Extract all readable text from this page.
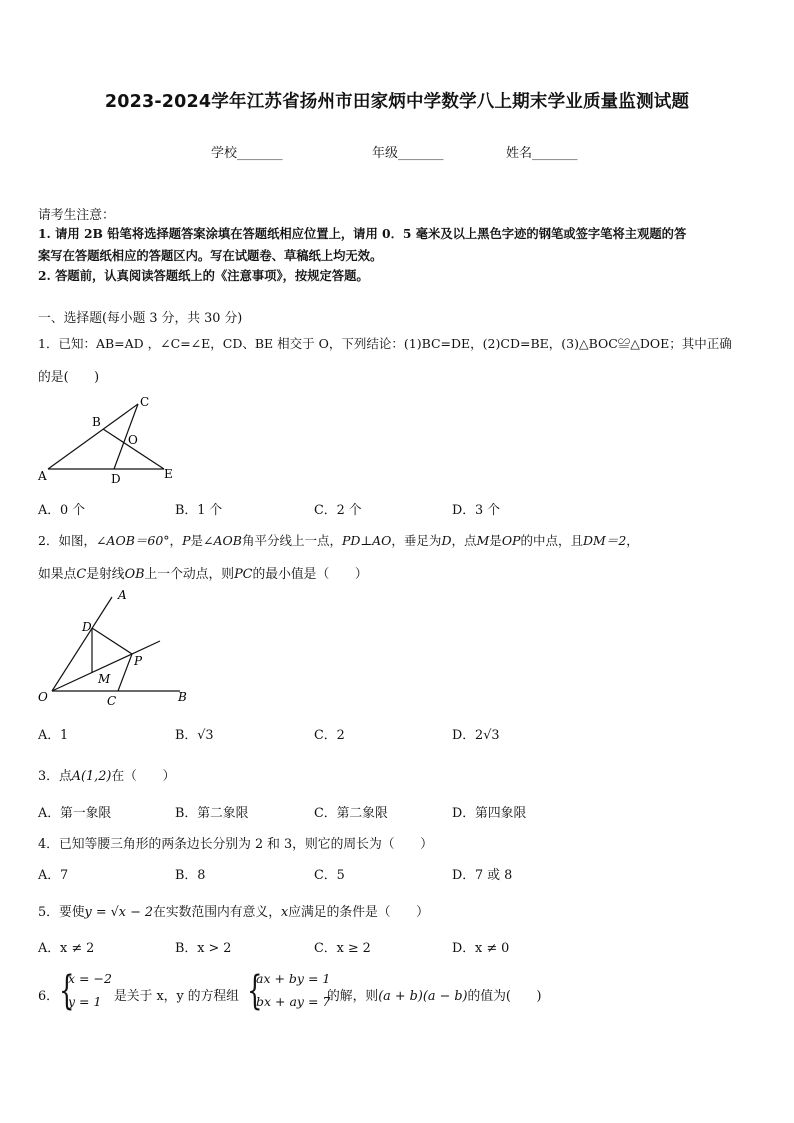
2023-2024学年江苏省扬州市田家炳中学数学八上期末学业质量监测试题
学校_______	年级_______	姓名_______
请考生注意：
1. 请用 2B 铅笔将选择题答案涂填在答题纸相应位置上，请用 0．5 毫米及以上黑色字迹的钢笔或签字笔将主观题的答
案写在答题纸相应的答题区内。写在试题卷、草稿纸上均无效。
2. 答题前，认真阅读答题纸上的《注意事项》，按规定答题。
一、选择题(每小题 3 分，共 30 分)
1．已知：AB=AD ，∠C=∠E，CD、BE 相交于 O，下列结论：(1)BC=DE，(2)CD=BE，(3)△BOC≌△DOE；其中正确
的是(　　)
A
B
C
O
D	E
A．0 个	B．1 个	C．2 个	D．3 个
2．如图，∠AOB＝60°，P是∠AOB角平分线上一点，PD⊥AO，垂足为D，点M是OP的中点，且DM＝2，
如果点C是射线OB上一个动点，则PC的最小值是（　　）
A
D
P
M
O	C	B
A．1	B．√3	C．2	D．2√3
3．点A(1,2)在（　　）
A．第一象限	B．第二象限	C．第二象限	D．第四象限
4．已知等腰三角形的两条边长分别为 2 和 3，则它的周长为（　　）
A．7	B．8	C．5	D．7 或 8
5．要使y = √x − 2在实数范围内有意义，x应满足的条件是（　　）
A．x ≠ 2	B．x > 2	C．x ≥ 2	D．x ≠ 0
6． {
x = −2
y = 1 是关于 x，y 的方程组 {
ax + by = 1
bx + ay = 7
的解，则(a + b)(a − b)的值为(　　)
